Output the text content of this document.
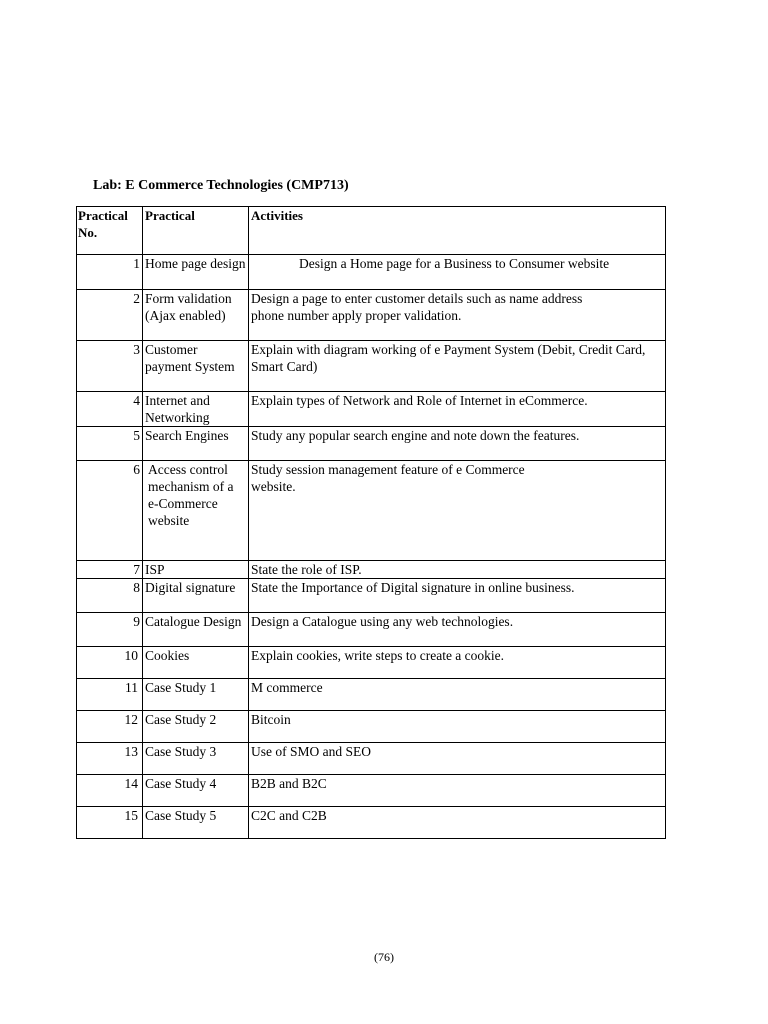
Lab: E Commerce Technologies (CMP713)
Practical No.	Practical	Activities
1	Home page design	Design a Home page for a Business to Consumer website
2	Form validation (Ajax enabled)	Design a page to enter customer details such as name address phone number apply proper validation.
3	Customer payment System	Explain with diagram working of e Payment System (Debit, Credit Card, Smart Card)
4	Internet and Networking	Explain types of Network and Role of Internet in eCommerce.
5	Search Engines	Study any popular search engine and note down the features.
6	Access control mechanism of a e-Commerce website	Study session management feature of e Commerce website.
7	ISP	State the role of ISP.
8	Digital signature	State the Importance of Digital signature in online business.
9	Catalogue Design	Design a Catalogue using any web technologies.
10	Cookies	Explain cookies, write steps to create a cookie.
11	Case Study 1	M commerce
12	Case Study 2	Bitcoin
13	Case Study 3	Use of SMO and SEO
14	Case Study 4	B2B and B2C
15	Case Study 5	C2C and C2B
(76)
